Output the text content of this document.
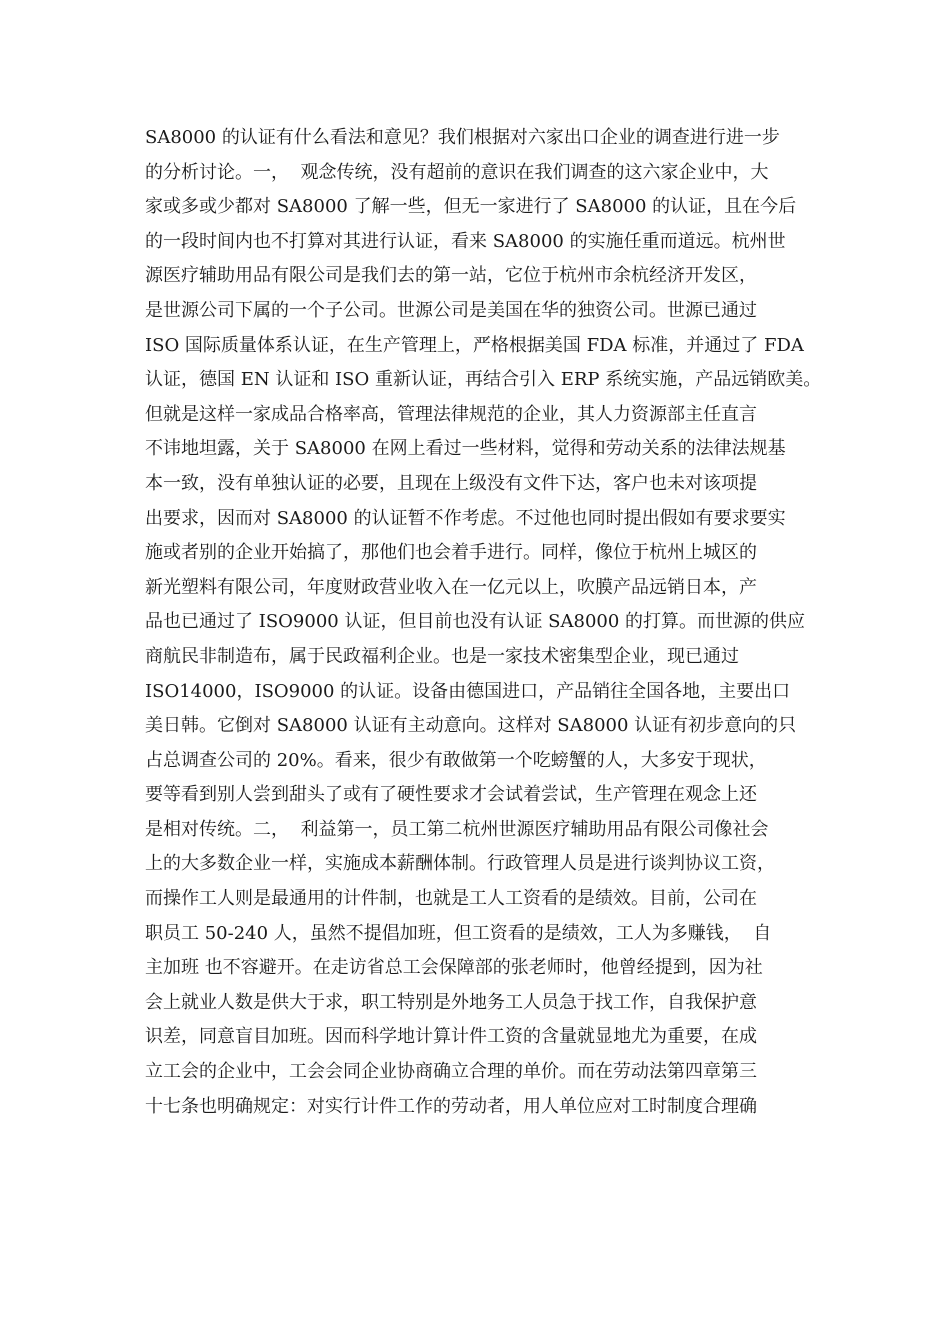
SA8000 的认证有什么看法和意见？我们根据对六家出口企业的调查进行进一步
的分析讨论。一，  观念传统，没有超前的意识在我们调查的这六家企业中，大
家或多或少都对 SA8000 了解一些，但无一家进行了 SA8000 的认证，且在今后
的一段时间内也不打算对其进行认证，看来 SA8000 的实施任重而道远。杭州世
源医疗辅助用品有限公司是我们去的第一站，它位于杭州市余杭经济开发区，
是世源公司下属的一个子公司。世源公司是美国在华的独资公司。世源已通过
ISO 国际质量体系认证，在生产管理上，严格根据美国 FDA 标准，并通过了 FDA
认证，德国 EN 认证和 ISO 重新认证，再结合引入 ERP 系统实施，产品远销欧美。
但就是这样一家成品合格率高，管理法律规范的企业，其人力资源部主任直言
不讳地坦露，关于 SA8000 在网上看过一些材料，觉得和劳动关系的法律法规基
本一致，没有单独认证的必要，且现在上级没有文件下达，客户也未对该项提
出要求，因而对 SA8000 的认证暂不作考虑。不过他也同时提出假如有要求要实
施或者别的企业开始搞了，那他们也会着手进行。同样，像位于杭州上城区的
新光塑料有限公司，年度财政营业收入在一亿元以上，吹膜产品远销日本，产
品也已通过了 ISO9000 认证，但目前也没有认证 SA8000 的打算。而世源的供应
商航民非制造布，属于民政福利企业。也是一家技术密集型企业，现已通过
ISO14000，ISO9000 的认证。设备由德国进口，产品销往全国各地，主要出口
美日韩。它倒对 SA8000 认证有主动意向。这样对 SA8000 认证有初步意向的只
占总调查公司的 20%。看来，很少有敢做第一个吃螃蟹的人，大多安于现状，
要等看到别人尝到甜头了或有了硬性要求才会试着尝试，生产管理在观念上还
是相对传统。二，  利益第一，员工第二杭州世源医疗辅助用品有限公司像社会
上的大多数企业一样，实施成本薪酬体制。行政管理人员是进行谈判协议工资，
而操作工人则是最通用的计件制，也就是工人工资看的是绩效。目前，公司在
职员工 50-240 人，虽然不提倡加班，但工资看的是绩效，工人为多赚钱，  自
主加班 也不容避开。在走访省总工会保障部的张老师时，他曾经提到，因为社
会上就业人数是供大于求，职工特别是外地务工人员急于找工作，自我保护意
识差，同意盲目加班。因而科学地计算计件工资的含量就显地尤为重要，在成
立工会的企业中，工会会同企业协商确立合理的单价。而在劳动法第四章第三
十七条也明确规定：对实行计件工作的劳动者，用人单位应对工时制度合理确
